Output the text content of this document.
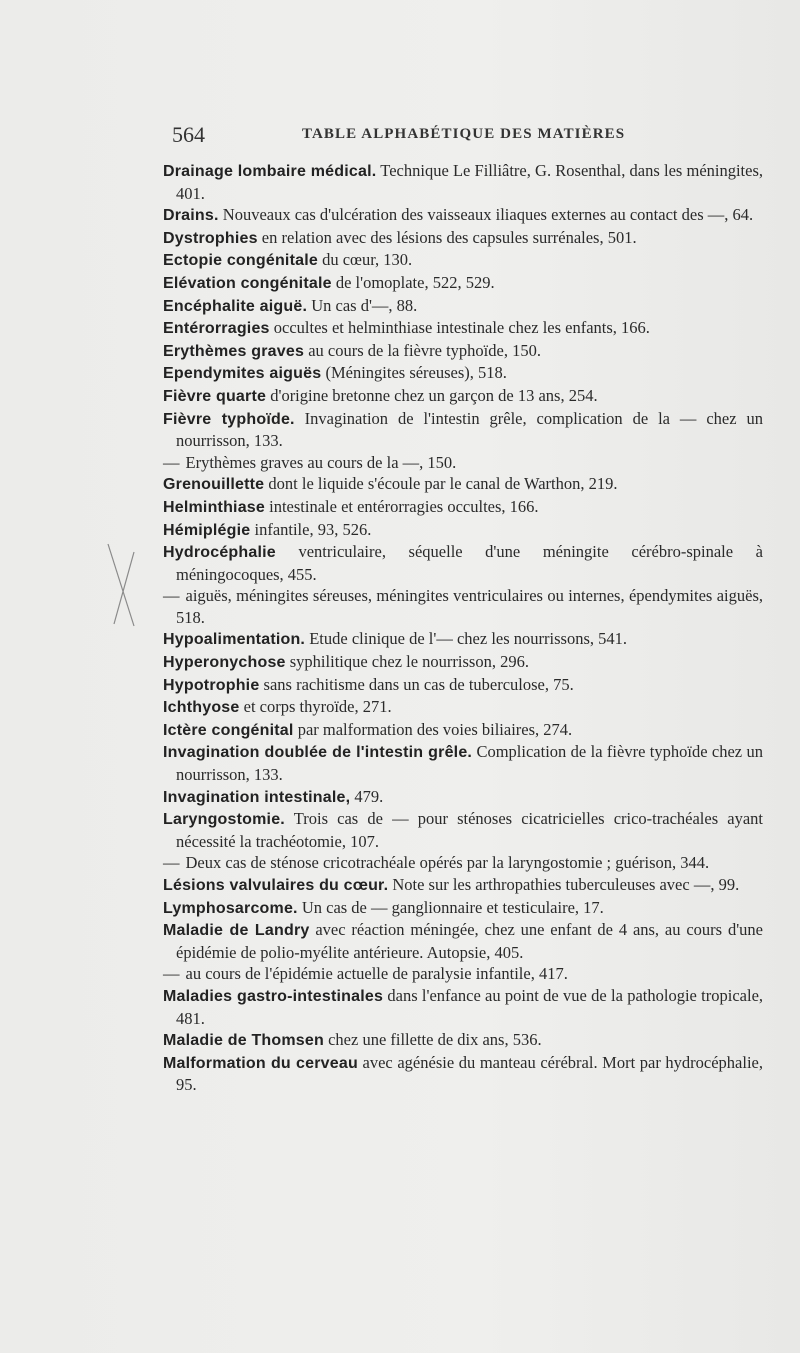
564	TABLE ALPHABÉTIQUE DES MATIÈRES

Drainage lombaire médical. Technique Le Filliâtre, G. Rosenthal, dans les méningites, 401.

Drains. Nouveaux cas d'ulcération des vaisseaux iliaques externes au contact des —, 64.

Dystrophies en relation avec des lésions des capsules surrénales, 501.

Ectopie congénitale du cœur, 130.

Elévation congénitale de l'omoplate, 522, 529.

Encéphalite aiguë. Un cas d'—, 88.

Entérorragies occultes et helminthiase intestinale chez les enfants, 166.

Erythèmes graves au cours de la fièvre typhoïde, 150.

Ependymites aiguës (Méningites séreuses), 518.

Fièvre quarte d'origine bretonne chez un garçon de 13 ans, 254.

Fièvre typhoïde. Invagination de l'intestin grêle, complication de la — chez un nourrisson, 133.

— Erythèmes graves au cours de la —, 150.

Grenouillette dont le liquide s'écoule par le canal de Warthon, 219.

Helminthiase intestinale et entérorragies occultes, 166.

Hémiplégie infantile, 93, 526.

Hydrocéphalie ventriculaire, séquelle d'une méningite cérébro-spinale à méningocoques, 455.

— aiguës, méningites séreuses, méningites ventriculaires ou internes, épendymites aiguës, 518.

Hypoalimentation. Etude clinique de l'— chez les nourrissons, 541.

Hyperonychose syphilitique chez le nourrisson, 296.

Hypotrophie sans rachitisme dans un cas de tuberculose, 75.

Ichthyose et corps thyroïde, 271.

Ictère congénital par malformation des voies biliaires, 274.

Invagination doublée de l'intestin grêle. Complication de la fièvre typhoïde chez un nourrisson, 133.

Invagination intestinale, 479.

Laryngostomie. Trois cas de — pour sténoses cicatricielles crico-trachéales ayant nécessité la trachéotomie, 107.

— Deux cas de sténose cricotrachéale opérés par la laryngostomie ; guérison, 344.

Lésions valvulaires du cœur. Note sur les arthropathies tuberculeuses avec —, 99.

Lymphosarcome. Un cas de — ganglionnaire et testiculaire, 17.

Maladie de Landry avec réaction méningée, chez une enfant de 4 ans, au cours d'une épidémie de polio-myélite antérieure. Autopsie, 405.

— au cours de l'épidémie actuelle de paralysie infantile, 417.

Maladies gastro-intestinales dans l'enfance au point de vue de la pathologie tropicale, 481.

Maladie de Thomsen chez une fillette de dix ans, 536.

Malformation du cerveau avec agénésie du manteau cérébral. Mort par hydrocéphalie, 95.
